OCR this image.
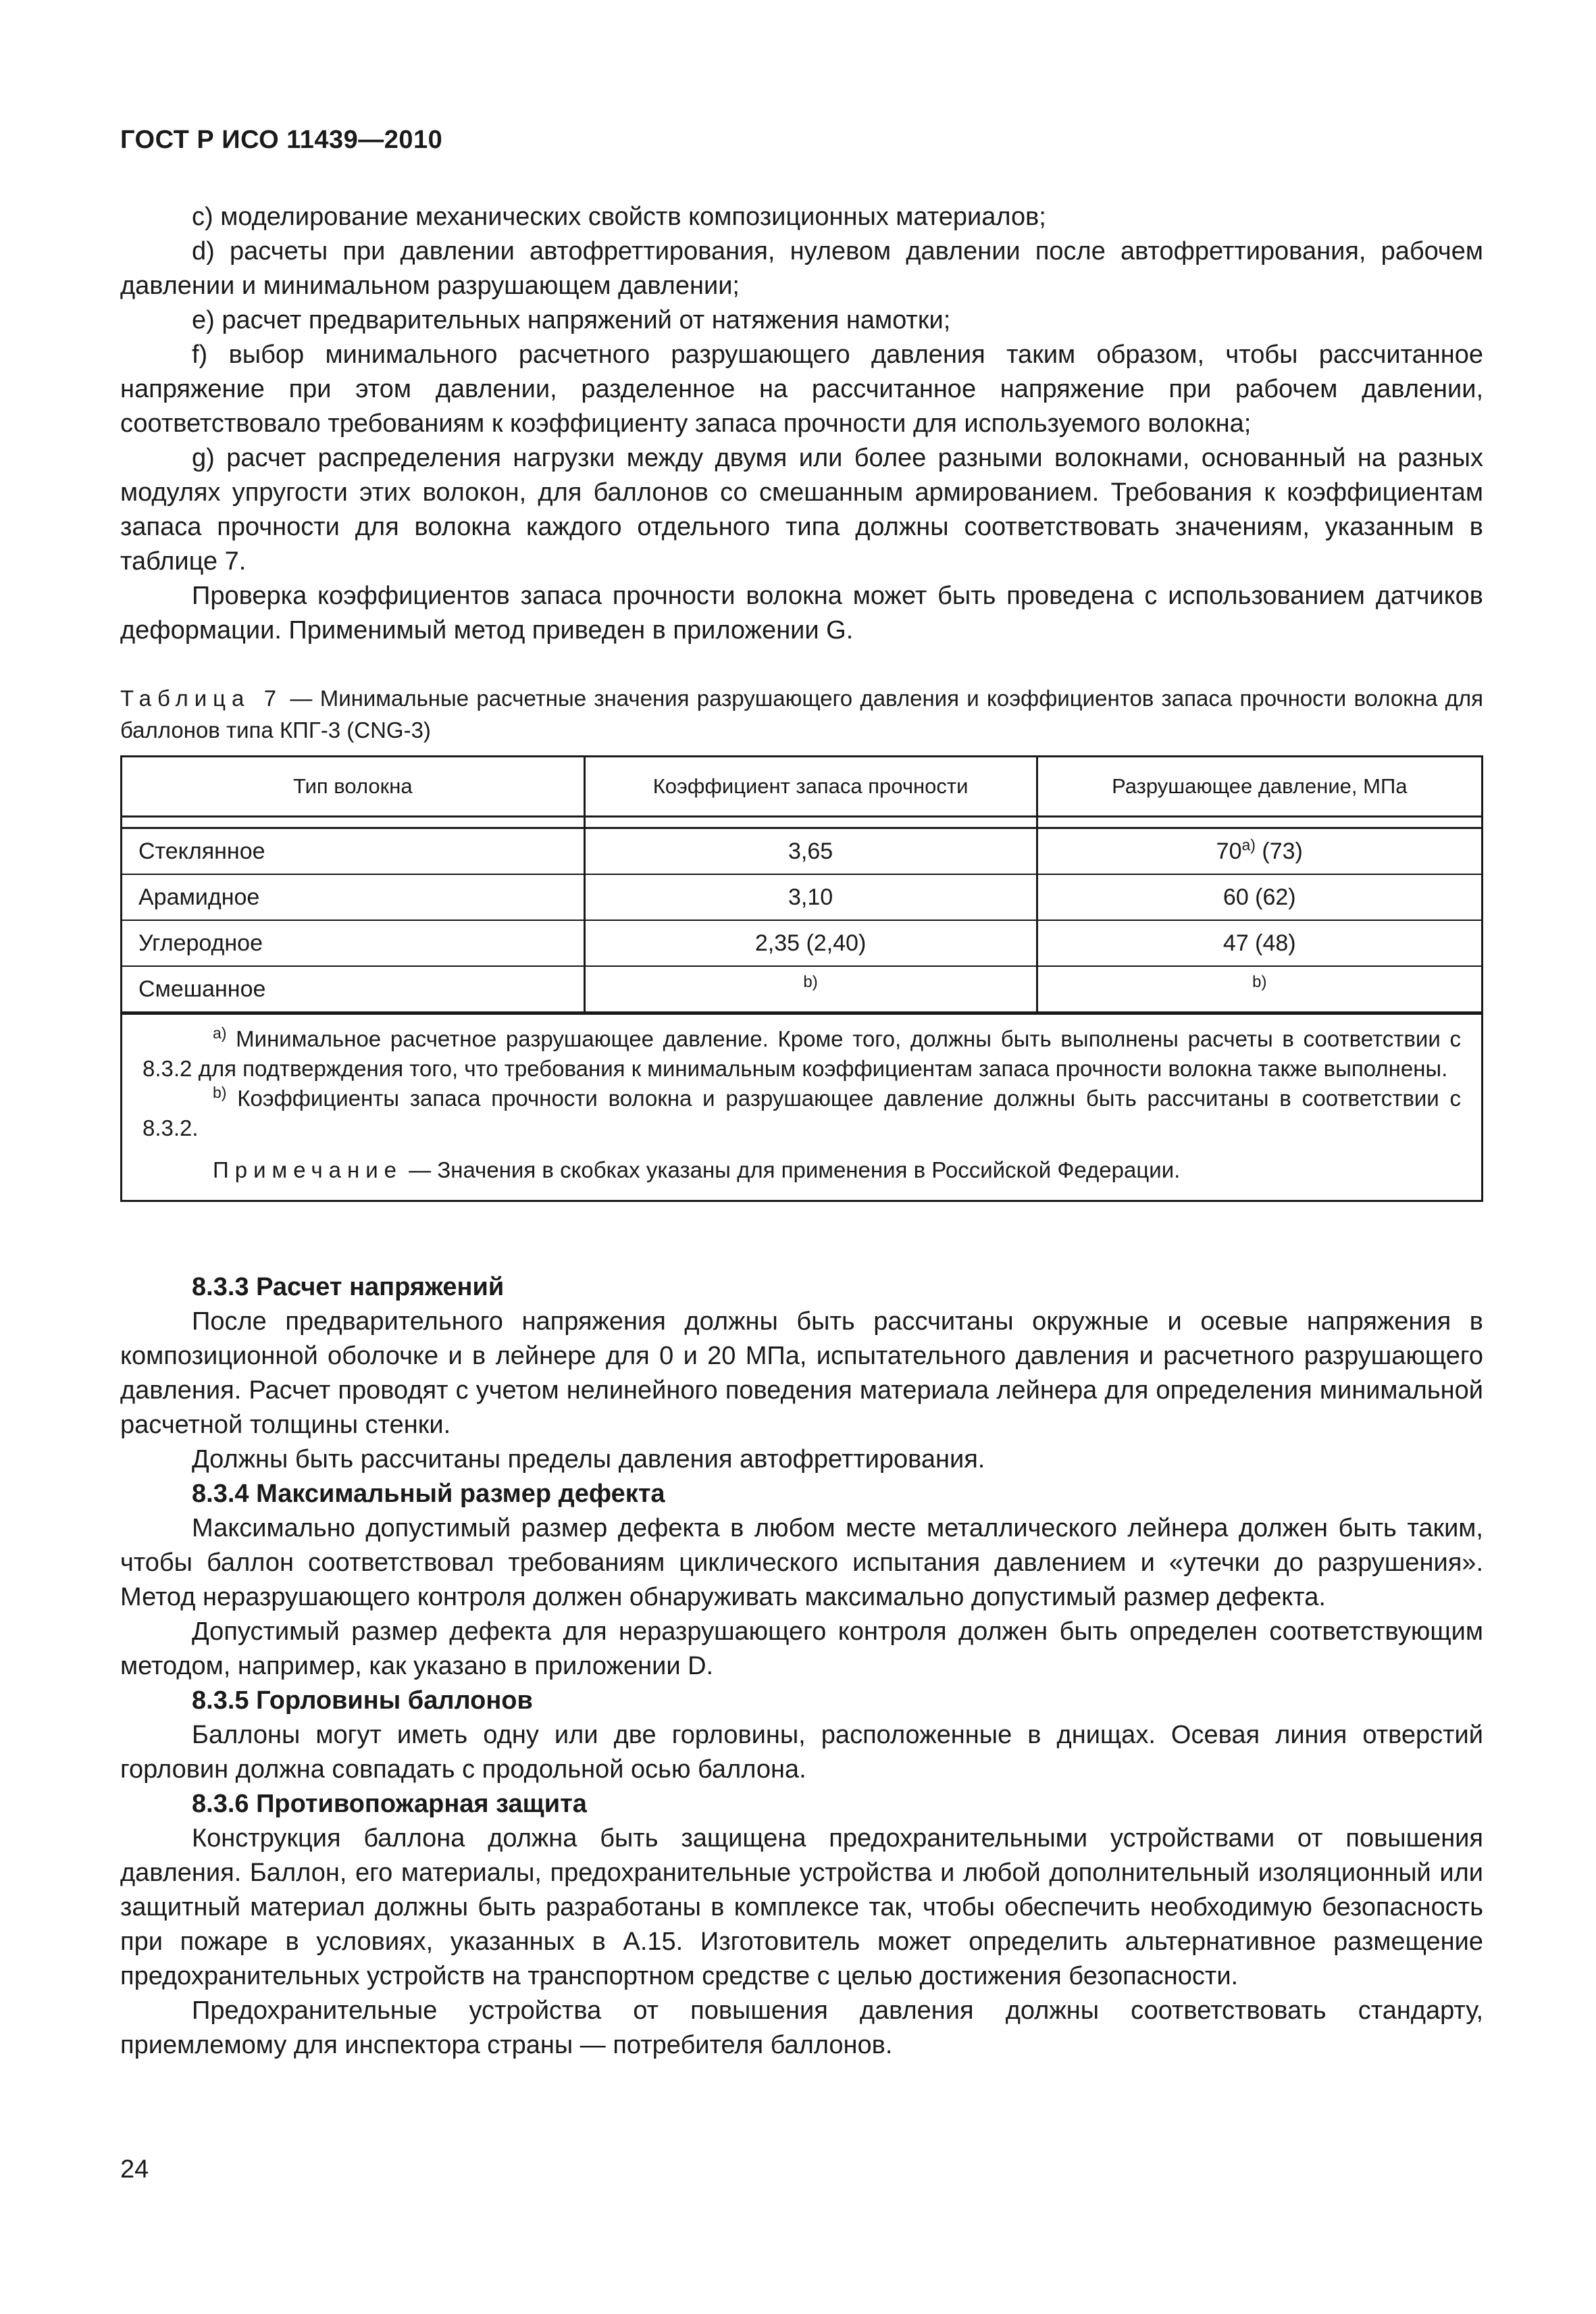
ГОСТ Р ИСО 11439—2010

c) моделирование механических свойств композиционных материалов;

d) расчеты при давлении автофреттирования, нулевом давлении после автофреттирования, рабочем давлении и минимальном разрушающем давлении;

e) расчет предварительных напряжений от натяжения намотки;

f) выбор минимального расчетного разрушающего давления таким образом, чтобы рассчитанное напряжение при этом давлении, разделенное на рассчитанное напряжение при рабочем давлении, соответствовало требованиям к коэффициенту запаса прочности для используемого волокна;

g) расчет распределения нагрузки между двумя или более разными волокнами, основанный на разных модулях упругости этих волокон, для баллонов со смешанным армированием. Требования к коэффициентам запаса прочности для волокна каждого отдельного типа должны соответствовать значениям, указанным в таблице 7.

Проверка коэффициентов запаса прочности волокна может быть проведена с использованием датчиков деформации. Применимый метод приведен в приложении G.

Таблица 7 — Минимальные расчетные значения разрушающего давления и коэффициентов запаса прочности волокна для баллонов типа КПГ-3 (CNG-3)
Тип волокна	Коэффициент запаса прочности	Разрушающее давление, МПа

Стеклянное	3,65	70$^{a)}$ (73)
Арамидное	3,10	60 (62)
Углеродное	2,35 (2,40)	47 (48)
Смешанное	$^{b)}$	$^{b)}$

$^{a)}$ Минимальное расчетное разрушающее давление. Кроме того, должны быть выполнены расчеты в соответствии с 8.3.2 для подтверждения того, что требования к минимальным коэффициентам запаса прочности волокна также выполнены.

$^{b)}$ Коэффициенты запаса прочности волокна и разрушающее давление должны быть рассчитаны в соответствии с 8.3.2.

Примечание — Значения в скобках указаны для применения в Российской Федерации.

8.3.3 Расчет напряжений

После предварительного напряжения должны быть рассчитаны окружные и осевые напряжения в композиционной оболочке и в лейнере для 0 и 20 МПа, испытательного давления и расчетного разрушающего давления. Расчет проводят с учетом нелинейного поведения материала лейнера для определения минимальной расчетной толщины стенки.

Должны быть рассчитаны пределы давления автофреттирования.

8.3.4 Максимальный размер дефекта

Максимально допустимый размер дефекта в любом месте металлического лейнера должен быть таким, чтобы баллон соответствовал требованиям циклического испытания давлением и «утечки до разрушения». Метод неразрушающего контроля должен обнаруживать максимально допустимый размер дефекта.

Допустимый размер дефекта для неразрушающего контроля должен быть определен соответствующим методом, например, как указано в приложении D.

8.3.5 Горловины баллонов

Баллоны могут иметь одну или две горловины, расположенные в днищах. Осевая линия отверстий горловин должна совпадать с продольной осью баллона.

8.3.6 Противопожарная защита

Конструкция баллона должна быть защищена предохранительными устройствами от повышения давления. Баллон, его материалы, предохранительные устройства и любой дополнительный изоляционный или защитный материал должны быть разработаны в комплексе так, чтобы обеспечить необходимую безопасность при пожаре в условиях, указанных в А.15. Изготовитель может определить альтернативное размещение предохранительных устройств на транспортном средстве с целью достижения безопасности.

Предохранительные устройства от повышения давления должны соответствовать стандарту, приемлемому для инспектора страны — потребителя баллонов.

24
